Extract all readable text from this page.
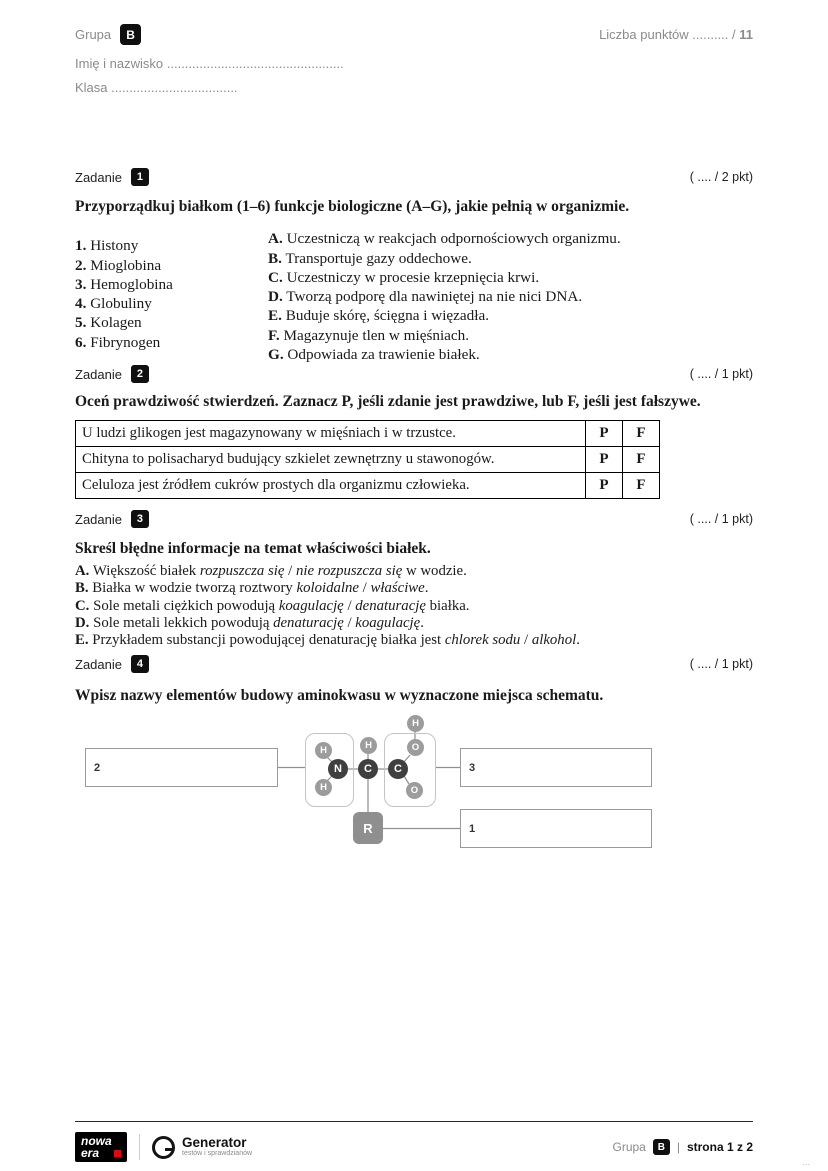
Grupa	B	Liczba punktów .......... / 11
Imię i nazwisko .................................................
Klasa ...................................
Zadanie	1	( .... / 2 pkt)
Przyporządkuj białkom (1–6) funkcje biologiczne (A–G), jakie pełnią w organizmie.
1. Histony
2. Mioglobina
3. Hemoglobina
4. Globuliny
5. Kolagen
6. Fibrynogen
A. Uczestniczą w reakcjach odpornościowych organizmu.
B. Transportuje gazy oddechowe.
C. Uczestniczy w procesie krzepnięcia krwi.
D. Tworzą podporę dla nawiniętej na nie nici DNA.
E. Buduje skórę, ścięgna i więzadła.
F. Magazynuje tlen w mięśniach.
G. Odpowiada za trawienie białek.
Zadanie	2	( .... / 1 pkt)
Oceń prawdziwość stwierdzeń. Zaznacz P, jeśli zdanie jest prawdziwe, lub F, jeśli jest fałszywe.
U ludzi glikogen jest magazynowany w mięśniach i w trzustce.	P	F
Chityna to polisacharyd budujący szkielet zewnętrzny u stawonogów.	P	F
Celuloza jest źródłem cukrów prostych dla organizmu człowieka.	P	F
Zadanie	3	( .... / 1 pkt)
Skreśl błędne informacje na temat właściwości białek.
A. Większość białek rozpuszcza się / nie rozpuszcza się w wodzie.
B. Białka w wodzie tworzą roztwory koloidalne / właściwe.
C. Sole metali ciężkich powodują koagulację / denaturację białka.
D. Sole metali lekkich powodują denaturację / koagulację.
E. Przykładem substancji powodującej denaturację białka jest chlorek sodu / alkohol.
Zadanie	4	( .... / 1 pkt)
Wpisz nazwy elementów budowy aminokwasu w wyznaczone miejsca schematu.
2	3
1
H
N
H
H
C	C
H
O
O
R
nowa
era
Generator
testów i sprawdzianów	Grupa	B | strona 1 z 2
...
